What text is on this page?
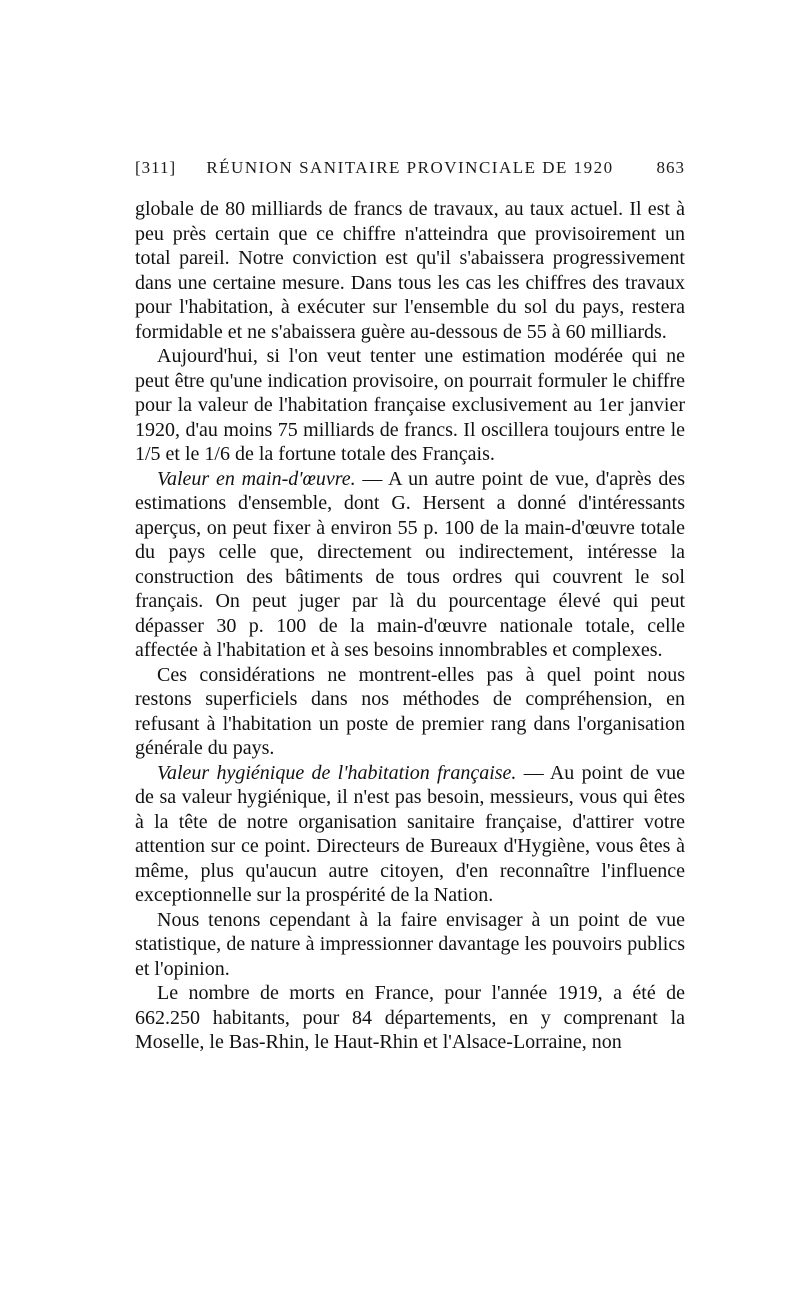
[311]	RÉUNION SANITAIRE PROVINCIALE DE 1920	863

globale de 80 milliards de francs de travaux, au taux actuel. Il est à peu près certain que ce chiffre n'atteindra que provisoirement un total pareil. Notre conviction est qu'il s'abaissera progressivement dans une certaine mesure. Dans tous les cas les chiffres des travaux pour l'habitation, à exécuter sur l'ensemble du sol du pays, restera formidable et ne s'abaissera guère au-dessous de 55 à 60 milliards.

Aujourd'hui, si l'on veut tenter une estimation modérée qui ne peut être qu'une indication provisoire, on pourrait formuler le chiffre pour la valeur de l'habitation française exclusivement au 1er janvier 1920, d'au moins 75 milliards de francs. Il oscillera toujours entre le 1/5 et le 1/6 de la fortune totale des Français.

Valeur en main-d'œuvre. — A un autre point de vue, d'après des estimations d'ensemble, dont G. Hersent a donné d'intéressants aperçus, on peut fixer à environ 55 p. 100 de la main-d'œuvre totale du pays celle que, directement ou indirectement, intéresse la construction des bâtiments de tous ordres qui couvrent le sol français. On peut juger par là du pourcentage élevé qui peut dépasser 30 p. 100 de la main-d'œuvre nationale totale, celle affectée à l'habitation et à ses besoins innombrables et complexes.

Ces considérations ne montrent-elles pas à quel point nous restons superficiels dans nos méthodes de compréhension, en refusant à l'habitation un poste de premier rang dans l'organisation générale du pays.

Valeur hygiénique de l'habitation française. — Au point de vue de sa valeur hygiénique, il n'est pas besoin, messieurs, vous qui êtes à la tête de notre organisation sanitaire française, d'attirer votre attention sur ce point. Directeurs de Bureaux d'Hygiène, vous êtes à même, plus qu'aucun autre citoyen, d'en reconnaître l'influence exceptionnelle sur la prospérité de la Nation.

Nous tenons cependant à la faire envisager à un point de vue statistique, de nature à impressionner davantage les pouvoirs publics et l'opinion.

Le nombre de morts en France, pour l'année 1919, a été de 662.250 habitants, pour 84 départements, en y comprenant la Moselle, le Bas-Rhin, le Haut-Rhin et l'Alsace-Lorraine, non
